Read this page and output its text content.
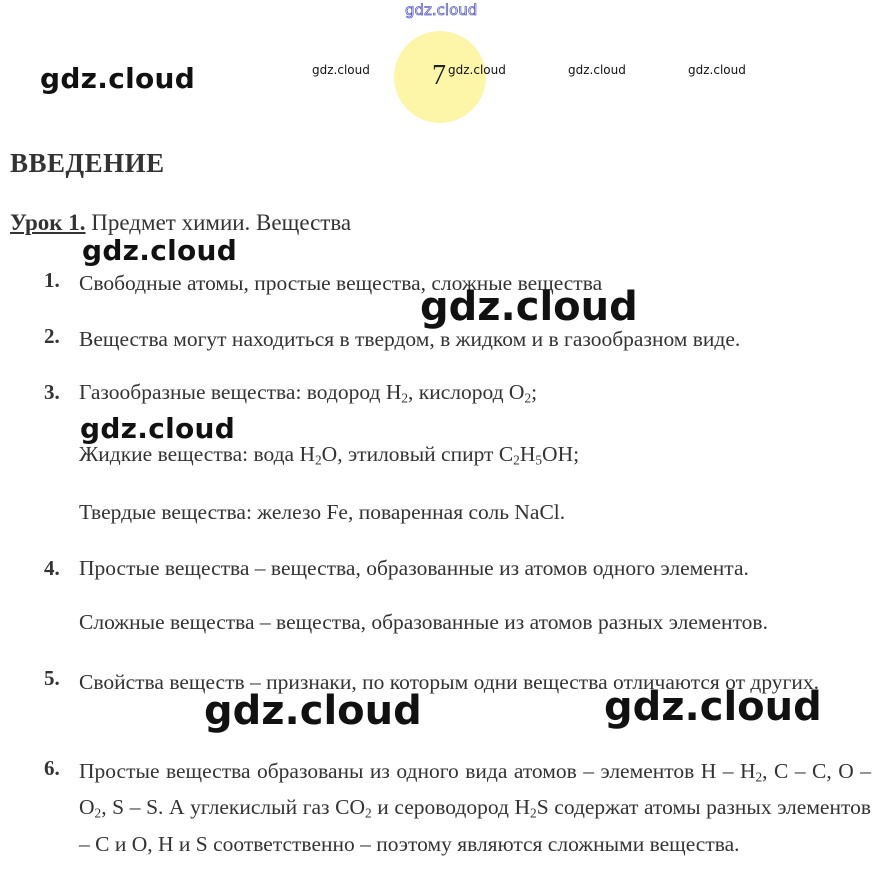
gdz.cloud
7
gdz.cloud	gdz.cloud	gdz.cloud	gdz.cloud
gdz.cloud
ВВЕДЕНИЕ
Урок 1. Предмет химии. Вещества
gdz.cloud
1. Свободные атомы, простые вещества, сложные вещества
gdz.cloud
2. Вещества могут находиться в твердом, в жидком и в газообразном виде.
3. Газообразные вещества: водород $H_2$, кислород $O_2$;
gdz.cloud
Жидкие вещества: вода $H_2O$, этиловый спирт $C_2H_5OH$;
Твердые вещества: железо Fe, поваренная соль NaCl.
4. Простые вещества – вещества, образованные из атомов одного элемента.
Сложные вещества – вещества, образованные из атомов разных элементов.
5. Свойства веществ – признаки, по которым одни вещества отличаются от других.
gdz.cloud	gdz.cloud
6. Простые вещества образованы из одного вида атомов – элементов H – $H_2$, C – C, O – $O_2$, S – S. А углекислый газ $CO_2$ и сероводород $H_2S$ содержат атомы разных элементов – C и O, H и S соответственно – поэтому являются сложными вещества.
